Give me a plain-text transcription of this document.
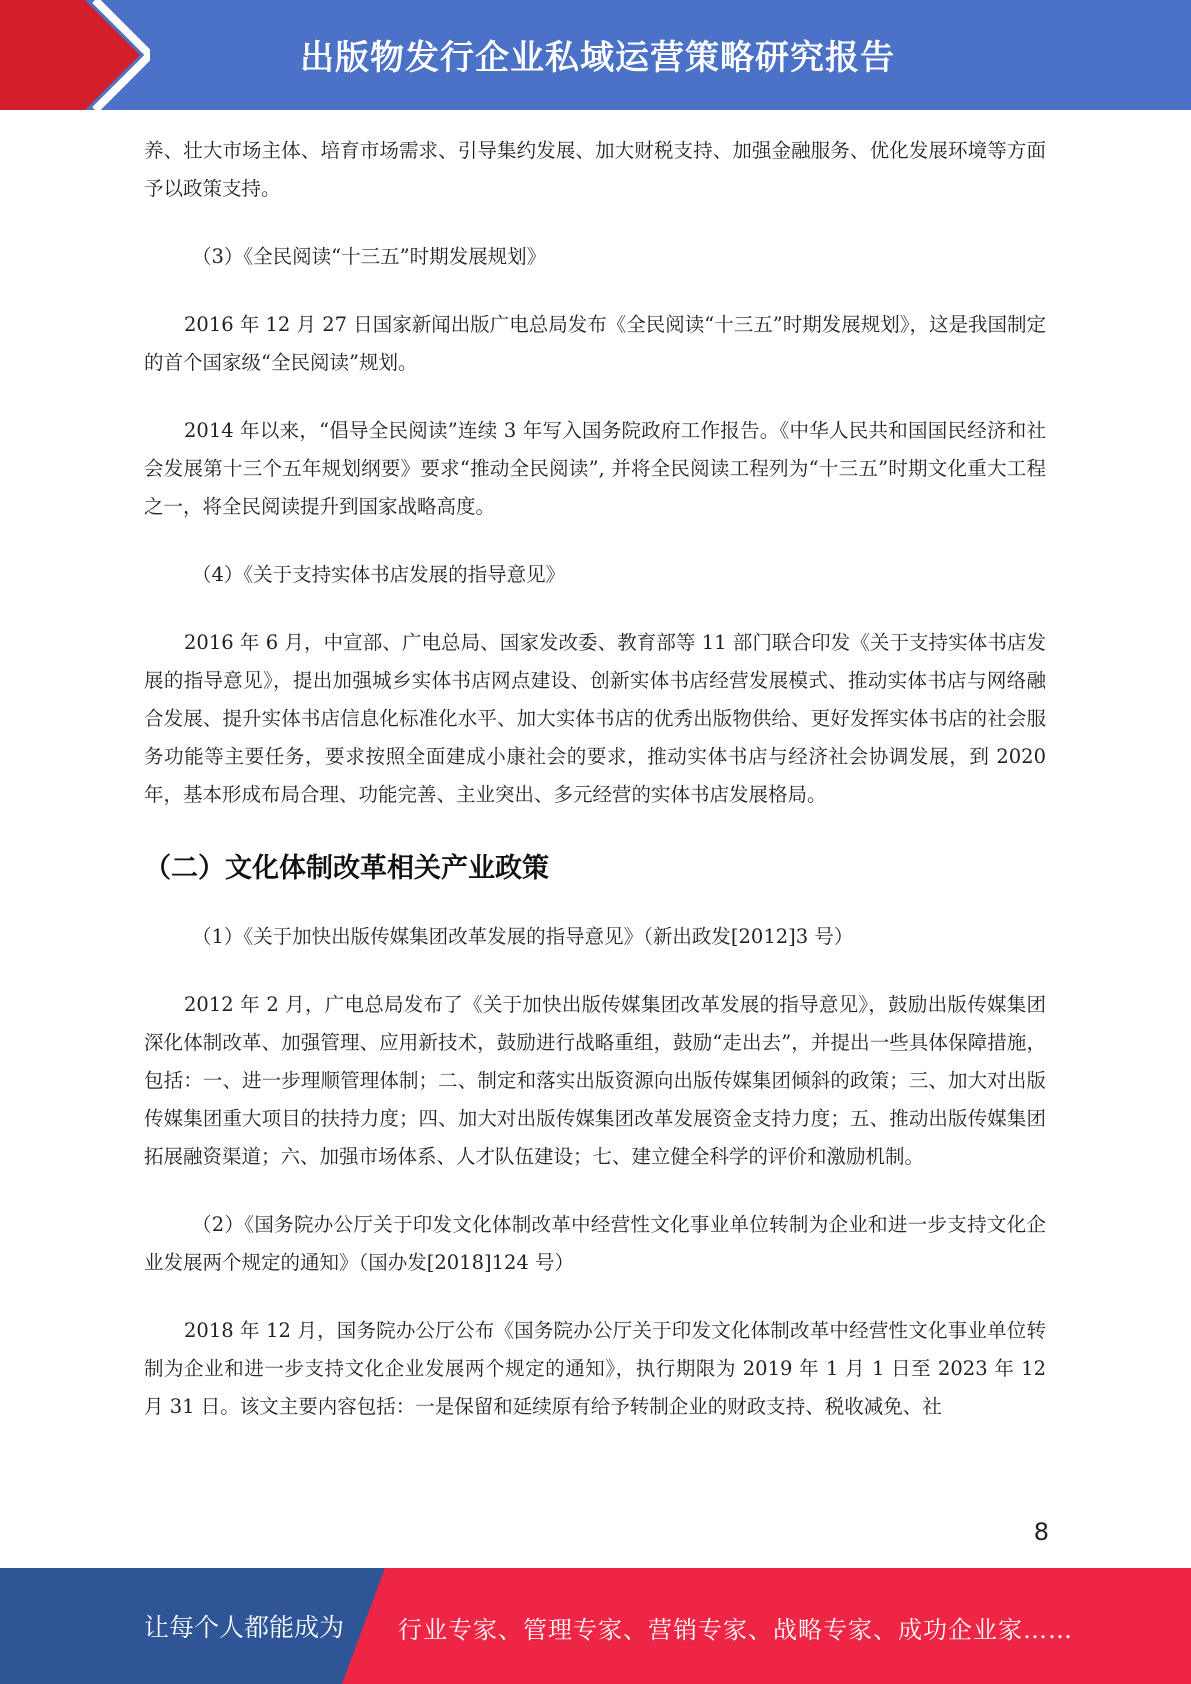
出版物发行企业私域运营策略研究报告

养、壮大市场主体、培育市场需求、引导集约发展、加大财税支持、加强金融服务、优化发展环境等方面予以政策支持。

（3）《全民阅读“十三五”时期发展规划》

2016 年 12 月 27 日国家新闻出版广电总局发布《全民阅读“十三五”时期发展规划》，这是我国制定的首个国家级“全民阅读”规划。

2014 年以来，“倡导全民阅读”连续 3 年写入国务院政府工作报告。《中华人民共和国国民经济和社会发展第十三个五年规划纲要》要求“推动全民阅读”, 并将全民阅读工程列为“十三五”时期文化重大工程之一，将全民阅读提升到国家战略高度。

（4）《关于支持实体书店发展的指导意见》

2016 年 6 月，中宣部、广电总局、国家发改委、教育部等 11 部门联合印发《关于支持实体书店发展的指导意见》，提出加强城乡实体书店网点建设、创新实体书店经营发展模式、推动实体书店与网络融合发展、提升实体书店信息化标准化水平、加大实体书店的优秀出版物供给、更好发挥实体书店的社会服务功能等主要任务，要求按照全面建成小康社会的要求，推动实体书店与经济社会协调发展，到 2020 年，基本形成布局合理、功能完善、主业突出、多元经营的实体书店发展格局。

（二）文化体制改革相关产业政策

（1）《关于加快出版传媒集团改革发展的指导意见》（新出政发[2012]3 号）

2012 年 2 月，广电总局发布了《关于加快出版传媒集团改革发展的指导意见》，鼓励出版传媒集团深化体制改革、加强管理、应用新技术，鼓励进行战略重组，鼓励“走出去”，并提出一些具体保障措施，包括：一、进一步理顺管理体制；二、制定和落实出版资源向出版传媒集团倾斜的政策；三、加大对出版传媒集团重大项目的扶持力度；四、加大对出版传媒集团改革发展资金支持力度；五、推动出版传媒集团拓展融资渠道；六、加强市场体系、人才队伍建设；七、建立健全科学的评价和激励机制。

（2）《国务院办公厅关于印发文化体制改革中经营性文化事业单位转制为企业和进一步支持文化企业发展两个规定的通知》（国办发[2018]124 号）

2018 年 12 月，国务院办公厅公布《国务院办公厅关于印发文化体制改革中经营性文化事业单位转制为企业和进一步支持文化企业发展两个规定的通知》，执行期限为 2019 年 1 月 1 日至 2023 年 12 月 31 日。该文主要内容包括：一是保留和延续原有给予转制企业的财政支持、税收减免、社

8
让每个人都能成为 行业专家、管理专家、营销专家、战略专家、成功企业家……
